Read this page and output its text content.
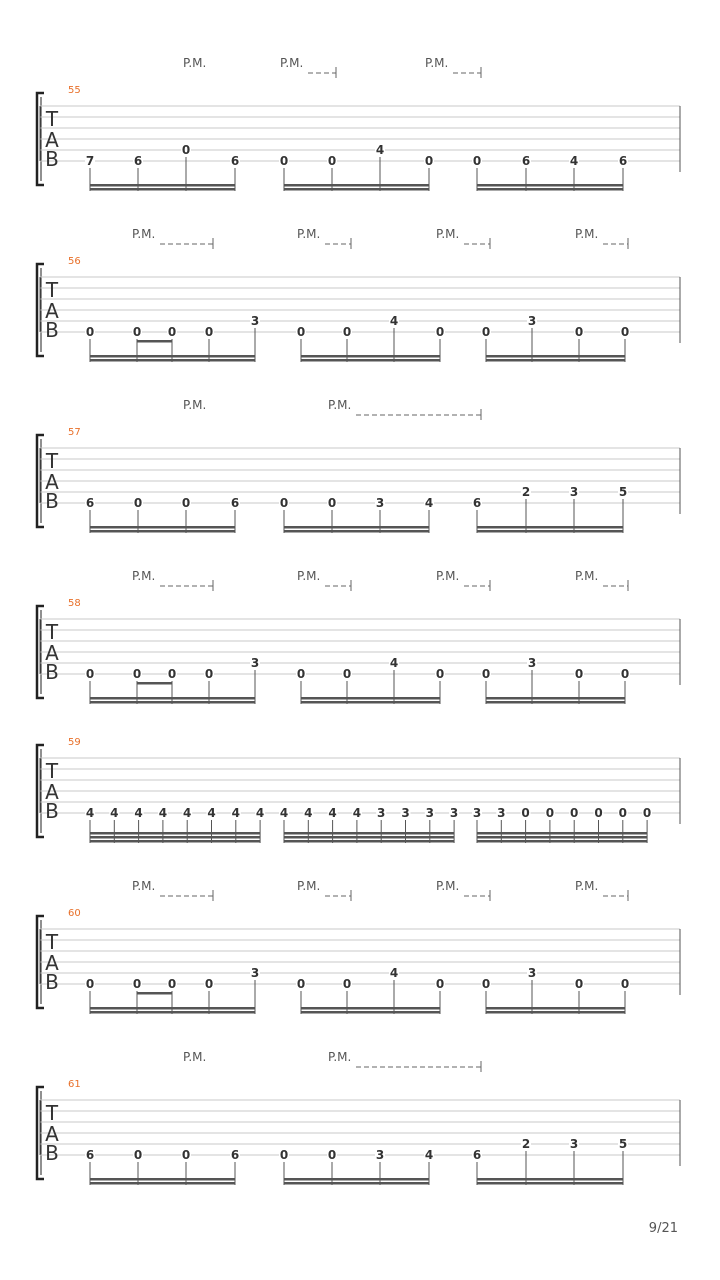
55
T
A
B
P.M.	P.M.	P.M.
7	6
0
6	0	0
4
0	0	6	4	6
56
T
A
B
P.M.	P.M.	P.M.	P.M.
0	0 0 0
3
0	0
4
0	0
3
0	0
57
T
A
B
P.M.	P.M.
6	0	0	6	0	0	3	4	6
2	3	5
58
T
A
B
P.M.	P.M.	P.M.	P.M.
0	0 0 0
3
0	0
4
0	0
3
0	0
59
T
A
B 4 4 4 4 4 4 4 4 4 4 4 4 3 3 3 3 3 3 0 0 0 0 0 0
60
T
A
B
P.M.	P.M.	P.M.	P.M.
0	0 0 0
3
0	0
4
0	0
3
0	0
61
T
A
B
P.M.	P.M.
6	0	0	6	0	0	3	4	6
2	3	5
9/21
